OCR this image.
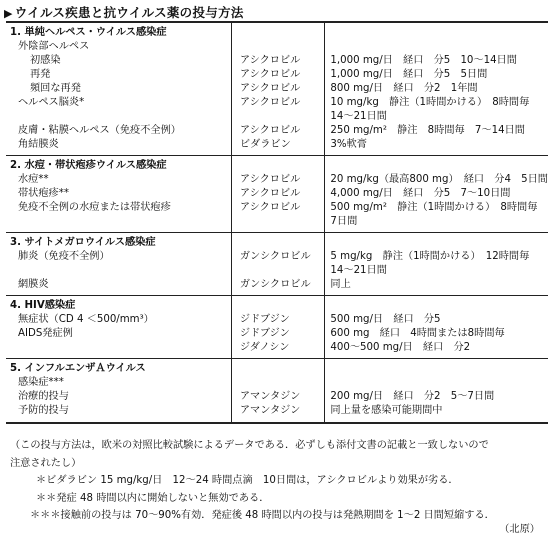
▶ ウイルス疾患と抗ウイルス薬の投与方法
1. 単純ヘルペス・ウイルス感染症		
外陰部ヘルペス		
初感染	アシクロビル	1,000 mg/日　経口　分5　10～14日間
再発	アシクロビル	1,000 mg/日　経口　分5　5日間
頻回な再発	アシクロビル	800 mg/日　経口　分2　1年間
ヘルペス脳炎*	アシクロビル	10 mg/kg　静注（1時間かける）　8時間毎
		14～21日間
皮膚・粘膜ヘルペス（免疫不全例）	アシクロビル	250 mg/m²　静注　8時間毎　7～14日間
角結膜炎	ビダラビン	3%軟膏
2. 水痘・帯状疱疹ウイルス感染症		
水痘**	アシクロビル	20 mg/kg（最高800 mg）　経口　分4　5日間
帯状疱疹**	アシクロビル	4,000 mg/日　経口　分5　7～10日間
免疫不全例の水痘または帯状疱疹	アシクロビル	500 mg/m²　静注（1時間かける）　8時間毎
		7日間
3. サイトメガロウイルス感染症		
肺炎（免疫不全例）	ガンシクロビル	5 mg/kg　静注（1時間かける）　12時間毎
		14～21日間
網膜炎	ガンシクロビル	同上
4. HIV感染症		
無症状（CD 4 ＜500/mm³）	ジドブジン	500 mg/日　経口　分5
AIDS発症例	ジドブジン	600 mg　経口　4時間または8時間毎
	ジダノシン	400～500 mg/日　経口　分2
5. インフルエンザＡウイルス		
感染症***		
治療的投与	アマンタジン	200 mg/日　経口　分2　5～7日間
予防的投与	アマンタジン	同上量を感染可能期間中
（この投与方法は，欧米の対照比較試験によるデータである．必ずしも添付文書の記載と一致しないので
注意されたし）
＊ビダラビン 15 mg/kg/日　12～24 時間点滴　10日間は，アシクロビルより効果が劣る．
＊＊発症 48 時間以内に開始しないと無効である．
＊＊＊接触前の投与は 70～90%有効．発症後 48 時間以内の投与は発熱期間を 1～2 日間短縮する．
（北原）
